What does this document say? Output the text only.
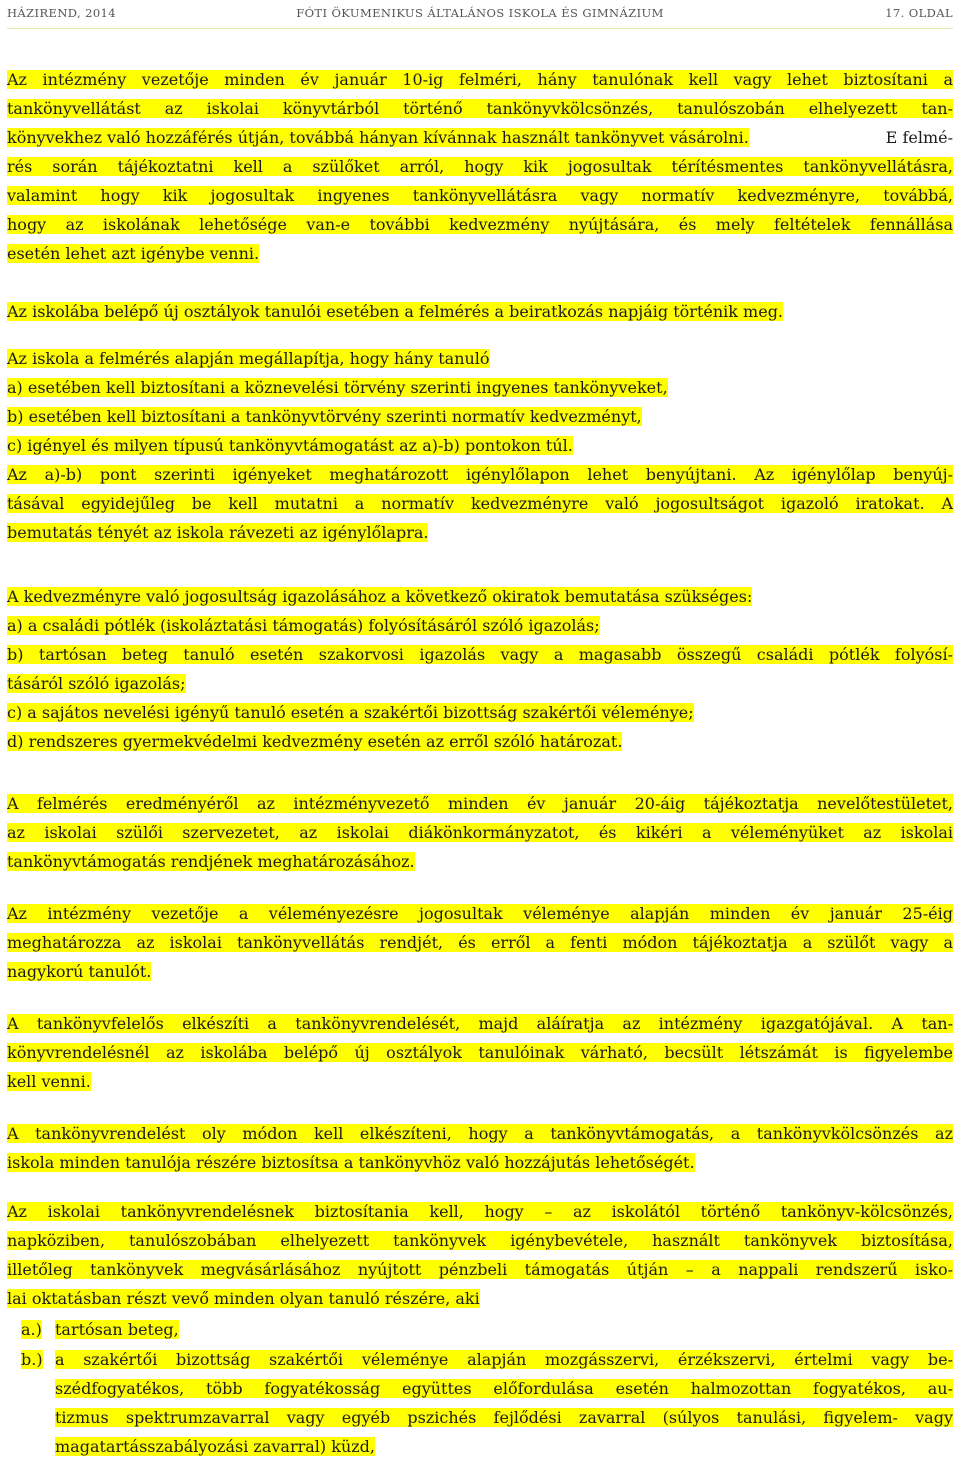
HÁZIREND, 2014	FÓTI ÖKUMENIKUS ÁLTALÁNOS ISKOLA ÉS GIMNÁZIUM	17. OLDAL
Az intézmény vezetője minden év január 10-ig felméri, hány tanulónak kell vagy lehet biztosítani a
tankönyvellátást az iskolai könyvtárból történő tankönyvkölcsönzés, tanulószobán elhelyezett tan-
könyvekhez való hozzáférés útján, továbbá hányan kívánnak használt tankönyvet vásárolni.	E felmé-
rés során tájékoztatni kell a szülőket arról, hogy kik jogosultak térítésmentes tankönyvellátásra,
valamint hogy kik jogosultak ingyenes tankönyvellátásra vagy normatív kedvezményre, továbbá,
hogy az iskolának lehetősége van-e további kedvezmény nyújtására, és mely feltételek fennállása
esetén lehet azt igénybe venni.
Az iskolába belépő új osztályok tanulói esetében a felmérés a beiratkozás napjáig történik meg.
Az iskola a felmérés alapján megállapítja, hogy hány tanuló
a) esetében kell biztosítani a köznevelési törvény szerinti ingyenes tankönyveket,
b) esetében kell biztosítani a tankönyvtörvény szerinti normatív kedvezményt,
c) igényel és milyen típusú tankönyvtámogatást az a)-b) pontokon túl.
Az a)-b) pont szerinti igényeket meghatározott igénylőlapon lehet benyújtani. Az igénylőlap benyúj-
tásával egyidejűleg be kell mutatni a normatív kedvezményre való jogosultságot igazoló iratokat. A
bemutatás tényét az iskola rávezeti az igénylőlapra.
A kedvezményre való jogosultság igazolásához a következő okiratok bemutatása szükséges:
a) a családi pótlék (iskoláztatási támogatás) folyósításáról szóló igazolás;
b) tartósan beteg tanuló esetén szakorvosi igazolás vagy a magasabb összegű családi pótlék folyósí-
tásáról szóló igazolás;
c) a sajátos nevelési igényű tanuló esetén a szakértői bizottság szakértői véleménye;
d) rendszeres gyermekvédelmi kedvezmény esetén az erről szóló határozat.
A felmérés eredményéről az intézményvezető minden év január 20-áig tájékoztatja nevelőtestületet,
az iskolai szülői szervezetet, az iskolai diákönkormányzatot, és kikéri a véleményüket az iskolai
tankönyvtámogatás rendjének meghatározásához.
Az intézmény vezetője a véleményezésre jogosultak véleménye alapján minden év január 25-éig
meghatározza az iskolai tankönyvellátás rendjét, és erről a fenti módon tájékoztatja a szülőt vagy a
nagykorú tanulót.
A tankönyvfelelős elkészíti a tankönyvrendelését, majd aláíratja az intézmény igazgatójával. A tan-
könyvrendelésnél az iskolába belépő új osztályok tanulóinak várható, becsült létszámát is figyelembe
kell venni.
A tankönyvrendelést oly módon kell elkészíteni, hogy a tankönyvtámogatás, a tankönyvkölcsönzés az
iskola minden tanulója részére biztosítsa a tankönyvhöz való hozzájutás lehetőségét.
Az iskolai tankönyvrendelésnek biztosítania kell, hogy – az iskolától történő tankönyv-kölcsönzés,
napköziben, tanulószobában elhelyezett tankönyvek igénybevétele, használt tankönyvek biztosítása,
illetőleg tankönyvek megvásárlásához nyújtott pénzbeli támogatás útján – a nappali rendszerű isko-
lai oktatásban részt vevő minden olyan tanuló részére, aki
a.) tartósan beteg,
b.) a szakértői bizottság szakértői véleménye alapján mozgásszervi, érzékszervi, értelmi vagy be-
szédfogyatékos, több fogyatékosság együttes előfordulása esetén halmozottan fogyatékos, au-
tizmus spektrumzavarral vagy egyéb pszichés fejlődési zavarral (súlyos tanulási, figyelem- vagy
magatartásszabályozási zavarral) küzd,
